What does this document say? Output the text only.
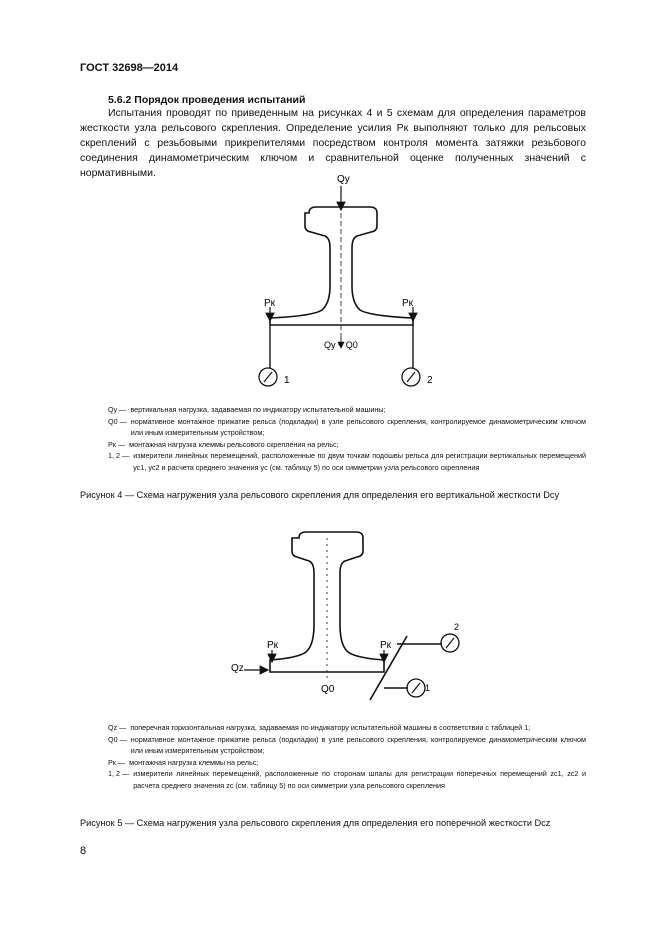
ГОСТ 32698—2014
5.6.2 Порядок проведения испытаний

Испытания проводят по приведенным на рисунках 4 и 5 схемам для определения параметров жесткости узла рельсового скрепления. Определение усилия Pк выполняют только для рельсовых скреплений с резьбовыми прикрепителями посредством контроля момента затяжки резьбового соединения динамометрическим ключом и сравнительной оценке полученных значений с нормативными.

Qy
Pк	Pк
Qy + Q0
1	2
Qz
Pк	Pк
Q0	1
2
Qy — вертикальная нагрузка, задаваемая по индикатору испытательной машины;
Q0 — нормативное монтажное прижатие рельса (подкладки) в узле рельсового скрепления, контролируемое динамометрическим ключом или иным измерительным устройством;
Pк — монтажная нагрузка клеммы рельсового скрепления на рельс;
1, 2 — измерители линейных перемещений, расположенные по двум точкам подошвы рельса для регистрации вертикальных перемещений yc1, yc2 и расчета среднего значения yc (см. таблицу 5) по оси симметрии узла рельсового скрепления
Рисунок 4 — Схема нагружения узла рельсового скрепления для определения его вертикальной жесткости Dcy
Qz — поперечная горизонтальная нагрузка, задаваемая по индикатору испытательной машины в соответствии с таблицей 1;
Q0 — нормативное монтажное прижатие рельса (подкладки) в узле рельсового скрепления, контролируемое динамометрическим ключом или иным измерительным устройством;
Pк — монтажная нагрузка клеммы на рельс;
1, 2 — измерители линейных перемещений, расположенные по сторонам шпалы для регистрации поперечных перемещений zc1, zc2 и расчета среднего значения zc (см. таблицу 5) по оси симметрии узла рельсового скрепления
Рисунок 5 — Схема нагружения узла рельсового скрепления для определения его поперечной жесткости Dcz
8
